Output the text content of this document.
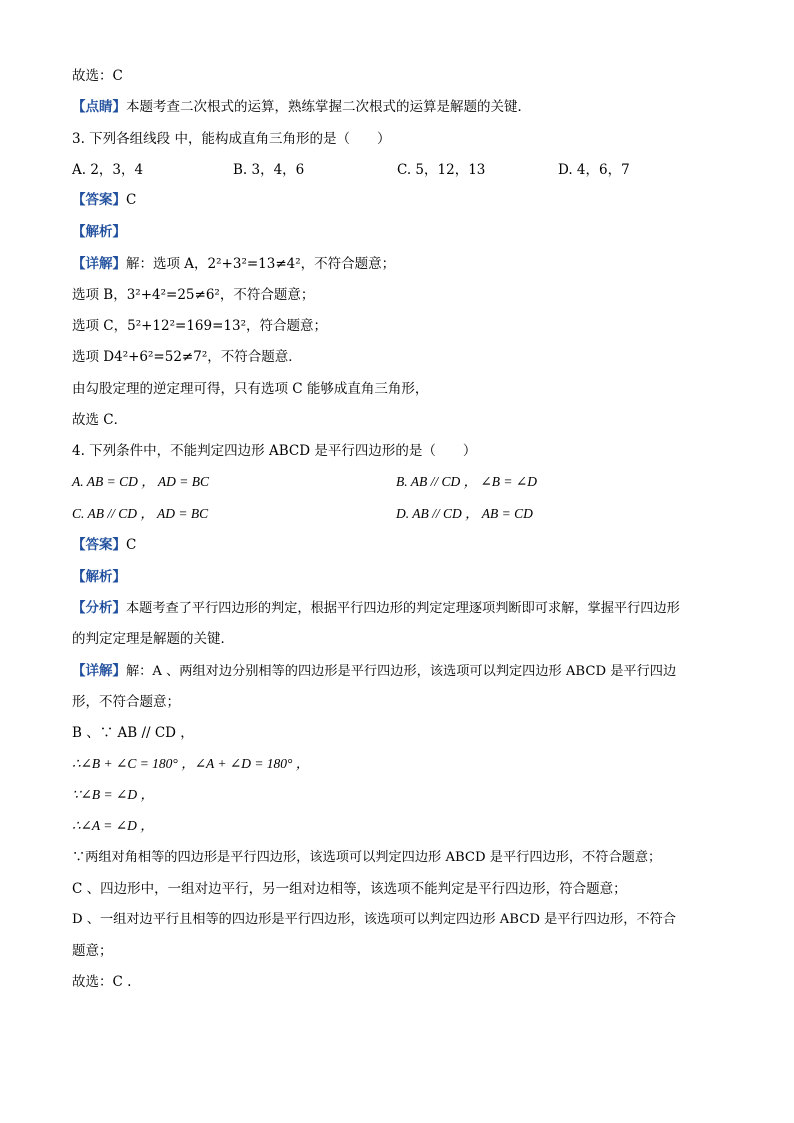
故选：C
【点睛】本题考查二次根式的运算，熟练掌握二次根式的运算是解题的关键．
3. 下列各组线段 中，能构成直角三角形的是（　　）
A. 2，3，4	B. 3，4，6	C. 5，12，13	D. 4，6，7
【答案】C
【解析】
【详解】解：选项 A，2²+3²=13≠4²，不符合题意；
选项 B，3²+4²=25≠6²，不符合题意；
选项 C，5²+12²=169=13²，符合题意；
选项 D4²+6²=52≠7²，不符合题意．
由勾股定理的逆定理可得，只有选项 C 能够成直角三角形，
故选 C．
4. 下列条件中，不能判定四边形 ABCD 是平行四边形的是（　　）
A. AB = CD ， AD = BC	B. AB // CD ， ∠B = ∠D
C. AB // CD ， AD = BC	D. AB // CD ， AB = CD
【答案】C
【解析】
【分析】本题考查了平行四边形的判定，根据平行四边形的判定定理逐项判断即可求解，掌握平行四边形
的判定定理是解题的关键．
【详解】解：A 、两组对边分别相等的四边形是平行四边形，该选项可以判定四边形 ABCD 是平行四边
形，不符合题意；
B 、∵ AB // CD ，
∴∠B + ∠C = 180° ，∠A + ∠D = 180° ，
∵∠B = ∠D ，
∴∠A = ∠D ，
∵两组对角相等的四边形是平行四边形，该选项可以判定四边形 ABCD 是平行四边形，不符合题意；
C 、四边形中，一组对边平行，另一组对边相等，该选项不能判定是平行四边形，符合题意；
D 、一组对边平行且相等的四边形是平行四边形，该选项可以判定四边形 ABCD 是平行四边形，不符合
题意；
故选：C .
